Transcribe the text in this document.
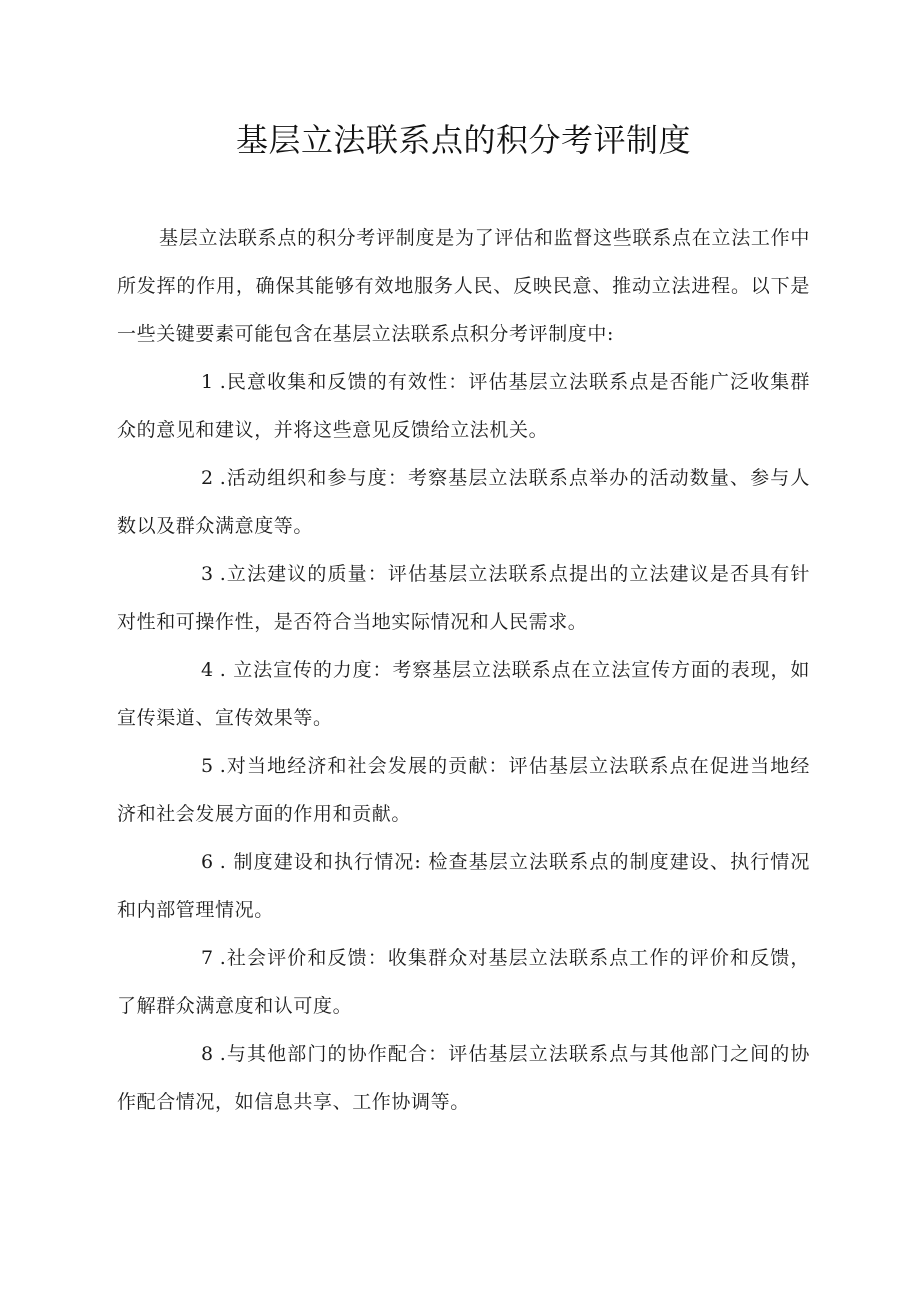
基层立法联系点的积分考评制度

基层立法联系点的积分考评制度是为了评估和监督这些联系点在立法工作中所发挥的作用，确保其能够有效地服务人民、反映民意、推动立法进程。以下是一些关键要素可能包含在基层立法联系点积分考评制度中:

1 .民意收集和反馈的有效性：评估基层立法联系点是否能广泛收集群众的意见和建议，并将这些意见反馈给立法机关。

2 .活动组织和参与度：考察基层立法联系点举办的活动数量、参与人数以及群众满意度等。

3 .立法建议的质量：评估基层立法联系点提出的立法建议是否具有针对性和可操作性，是否符合当地实际情况和人民需求。

4 . 立法宣传的力度：考察基层立法联系点在立法宣传方面的表现，如宣传渠道、宣传效果等。

5 .对当地经济和社会发展的贡献：评估基层立法联系点在促进当地经济和社会发展方面的作用和贡献。

6 . 制度建设和执行情况: 检查基层立法联系点的制度建设、执行情况和内部管理情况。

7 .社会评价和反馈：收集群众对基层立法联系点工作的评价和反馈，了解群众满意度和认可度。

8 .与其他部门的协作配合：评估基层立法联系点与其他部门之间的协作配合情况，如信息共享、工作协调等。
